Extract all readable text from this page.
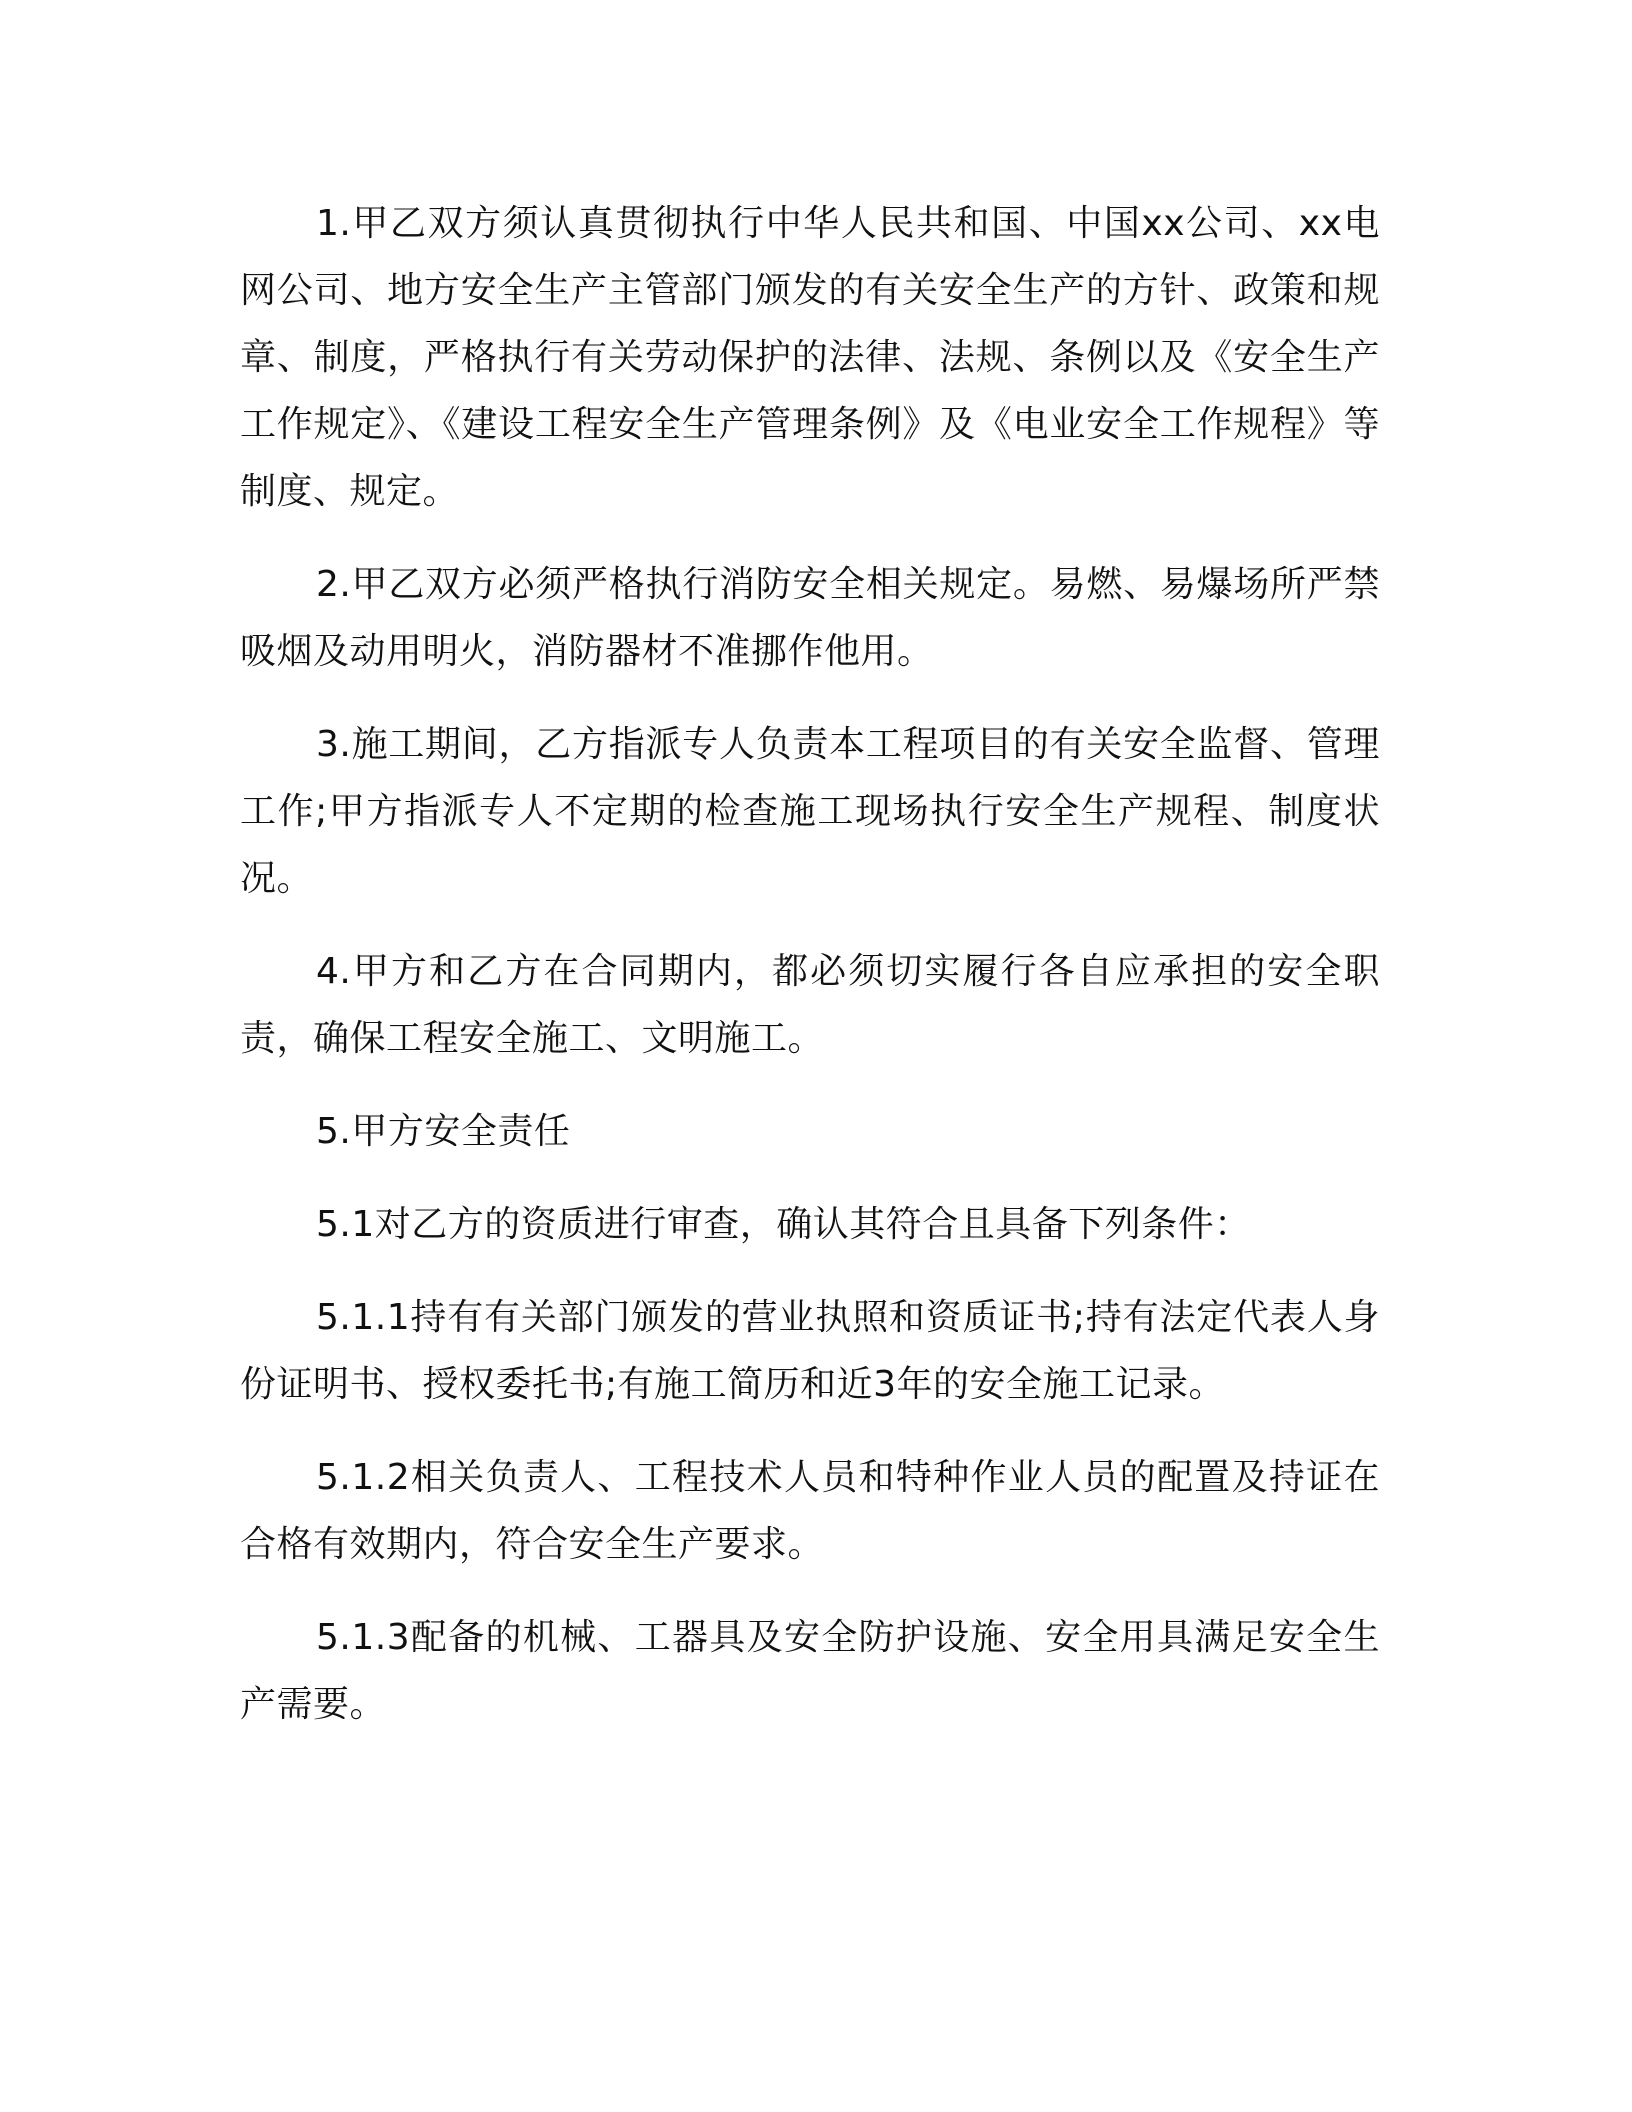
1.甲乙双方须认真贯彻执行中华人民共和国、中国xx公司、xx电网公司、地方安全生产主管部门颁发的有关安全生产的方针、政策和规章、制度，严格执行有关劳动保护的法律、法规、条例以及《安全生产工作规定》、《建设工程安全生产管理条例》及《电业安全工作规程》等制度、规定。

2.甲乙双方必须严格执行消防安全相关规定。易燃、易爆场所严禁吸烟及动用明火，消防器材不准挪作他用。

3.施工期间，乙方指派专人负责本工程项目的有关安全监督、管理工作;甲方指派专人不定期的检查施工现场执行安全生产规程、制度状况。

4.甲方和乙方在合同期内，都必须切实履行各自应承担的安全职责，确保工程安全施工、文明施工。

5.甲方安全责任

5.1对乙方的资质进行审查，确认其符合且具备下列条件：

5.1.1持有有关部门颁发的营业执照和资质证书;持有法定代表人身份证明书、授权委托书;有施工简历和近3年的安全施工记录。

5.1.2相关负责人、工程技术人员和特种作业人员的配置及持证在合格有效期内，符合安全生产要求。

5.1.3配备的机械、工器具及安全防护设施、安全用具满足安全生产需要。
